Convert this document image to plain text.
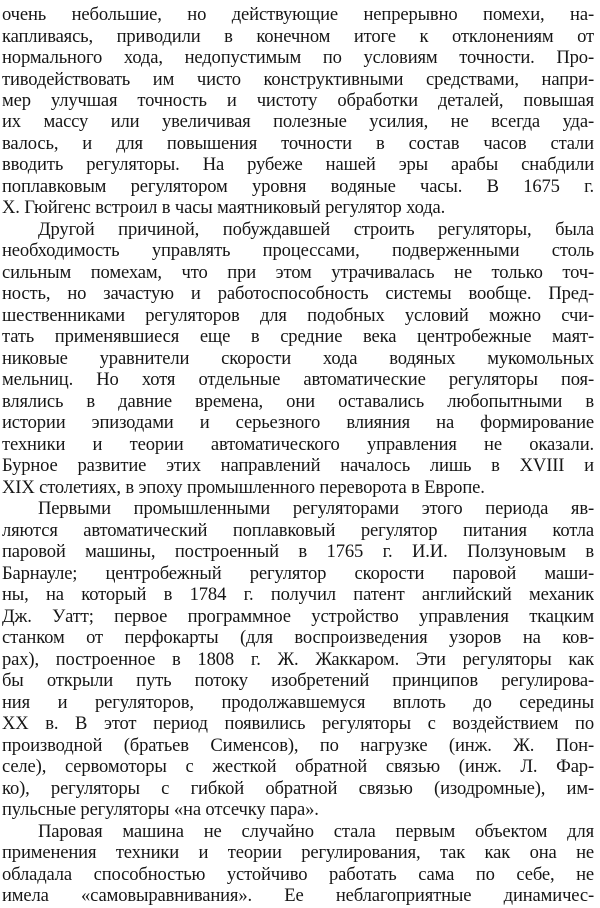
очень небольшие, но действующие непрерывно помехи, на-
капливаясь, приводили в конечном итоге к отклонениям от
нормального хода, недопустимым по условиям точности. Про-
тиводействовать им чисто конструктивными средствами, напри-
мер улучшая точность и чистоту обработки деталей, повышая
их массу или увеличивая полезные усилия, не всегда уда-
валось, и для повышения точности в состав часов стали
вводить регуляторы. На рубеже нашей эры арабы снабдили
поплавковым регулятором уровня водяные часы. В 1675 г.
X. Гюйгенс встроил в часы маятниковый регулятор хода.
Другой причиной, побуждавшей строить регуляторы, была
необходимость управлять процессами, подверженными столь
сильным помехам, что при этом утрачивалась не только точ-
ность, но зачастую и работоспособность системы вообще. Пред-
шественниками регуляторов для подобных условий можно счи-
тать применявшиеся еще в средние века центробежные маят-
никовые уравнители скорости хода водяных мукомольных
мельниц. Но хотя отдельные автоматические регуляторы поя-
влялись в давние времена, они оставались любопытными в
истории эпизодами и серьезного влияния на формирование
техники и теории автоматического управления не оказали.
Бурное развитие этих направлений началось лишь в XVIII и
XIX столетиях, в эпоху промышленного переворота в Европе.
Первыми промышленными регуляторами этого периода яв-
ляются автоматический поплавковый регулятор питания котла
паровой машины, построенный в 1765 г. И.И. Ползуновым в
Барнауле; центробежный регулятор скорости паровой маши-
ны, на который в 1784 г. получил патент английский механик
Дж. Уатт; первое программное устройство управления ткацким
станком от перфокарты (для воспроизведения узоров на ков-
рах), построенное в 1808 г. Ж. Жаккаром. Эти регуляторы как
бы открыли путь потоку изобретений принципов регулирова-
ния и регуляторов, продолжавшемуся вплоть до середины
XX в. В этот период появились регуляторы с воздействием по
производной (братьев Сименсов), по нагрузке (инж. Ж. Пон-
селе), сервомоторы с жесткой обратной связью (инж. Л. Фар-
ко), регуляторы с гибкой обратной связью (изодромные), им-
пульсные регуляторы «на отсечку пара».
Паровая машина не случайно стала первым объектом для
применения техники и теории регулирования, так как она не
обладала способностью устойчиво работать сама по себе, не
имела «самовыравнивания». Ее неблагоприятные динамичес-
